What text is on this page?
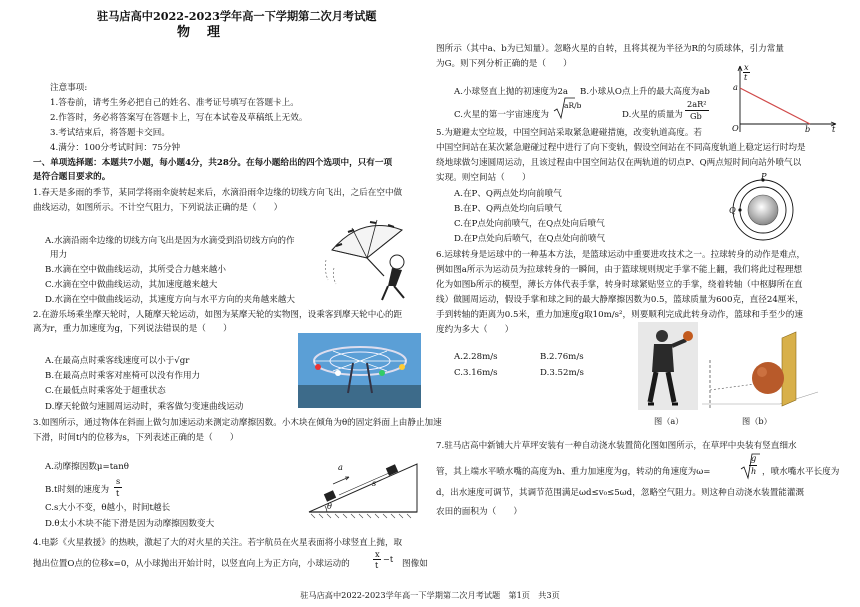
驻马店高中2022-2023学年高一下学期第二次月考试题
物　理
注意事项:
1.答卷前，请考生务必把自己的姓名、准考证号填写在答题卡上。
2.作答时，务必将答案写在答题卡上，写在本试卷及草稿纸上无效。
3.考试结束后，将答题卡交回。
4.满分：100分考试时间：75分钟
一、单项选择题：本题共7小题，每小题4分，共28分。在每小题给出的四个选项中，只有一项
是符合题目要求的。
1.春天是多雨的季节，某同学将雨伞旋转起来后，水滴沿雨伞边缘的切线方向飞出，之后在空中做
曲线运动，如图所示。不计空气阻力，下列说法正确的是（　　）
A.水滴沿雨伞边缘的切线方向飞出是因为水滴受到沿切线方向的作
用力
B.水滴在空中做曲线运动，其所受合力越来越小
C.水滴在空中做曲线运动，其加速度越来越大
D.水滴在空中做曲线运动，其速度方向与水平方向的夹角越来越大
2.在游乐场乘坐摩天轮时，人随摩天轮运动，如图为某摩天轮的实物图，设乘客到摩天轮中心的距
离为r，重力加速度为g，下列说法错误的是（　　）
A.在最高点时乘客线速度可以小于√gr
B.在最高点时乘客对座椅可以没有作用力
C.在最低点时乘客处于超重状态
D.摩天轮做匀速圆周运动时，乘客做匀变速曲线运动
3.如图所示，通过物体在斜面上做匀加速运动来测定动摩擦因数。小木块在倾角为θ的固定斜面上由静止加速
下滑，时间t内的位移为s，下列表述正确的是（　　）
A.动摩擦因数μ=tanθ
B.t时刻的速度为
s
t
C.s大小不变，θ越小，时间t越长
D.θ太小木块不能下滑是因为动摩擦因数变大
a
s
θ
4.电影《火星救援》的热映，激起了大的对火星的关注。若宇航员在火星表面将小球竖直上抛，取
抛出位置O点的位移x=0，从小球抛出开始计时，以竖直向上为正方向，小球运动的
x
t
−t 图像如
图所示（其中a、b为已知量）。忽略火星的自转，且将其视为半径为R的匀质球体，引力常量
为G。则下列分析正确的是（　　）
A.小球竖直上抛的初速度为2a B.小球从O点上升的最大高度为ab
C.火星的第一宇宙速度为
aR/b
D.火星的质量为
2aR²
Gb
x
t
a
O	b	t
5.为避避太空垃圾，中国空间站采取紧急避碰措施，改变轨道高度。若
中国空间站在某次紧急避碰过程中进行了向下变轨，假设空间站在不同高度轨道上稳定运行时均是
绕地球做匀速圆周运动，且该过程由中国空间站仅在两轨道的切点P、Q两点短时间向站外喷气以
实现。则空间站（　　）
A.在P、Q两点处均向前喷气
B.在P、Q两点处均向后喷气
C.在P点处向前喷气，在Q点处向后喷气
D.在P点处向后喷气，在Q点处向前喷气
P
Q
6.运球转身是运球中的一种基本方法，是篮球运动中重要进攻技术之一。拉球转身的动作是难点，
例如图a所示为运动员为拉球转身的一瞬间，由于篮球规则规定手掌不能上翻，我们将此过程理想
化为如图b所示的模型，薄长方体代表手掌，转身时球紧贴竖立的手掌，绕着转轴（中枢脚所在直
线）做圆周运动，假设手掌和球之间的最大静摩擦因数为0.5，篮球质量为600克，直径24厘米，
手到转轴的距离为0.5米，重力加速度g取10m/s²，则要顺利完成此转身动作，篮球和手至少的速
度约为多大（　　）
A.2.28m/s	B.2.76m/s
C.3.16m/s	D.3.52m/s
图（a）	图（b）
7.驻马店高中新铺大片草坪安装有一种自动浇水装置简化图如图所示，在草坪中央装有竖直细水
管，其上端水平喷水嘴的高度为h、重力加速度为g，转动的角速度为ω=
g
h ，喷水嘴水平长度为
d，出水速度可调节，其调节范围满足ωd≤v₀≤5ωd，忽略空气阻力。则这种自动浇水装置能灌溉
农田的面积为（　　）
驻马店高中2022-2023学年高一下学期第二次月考试题　第1页　共3页
